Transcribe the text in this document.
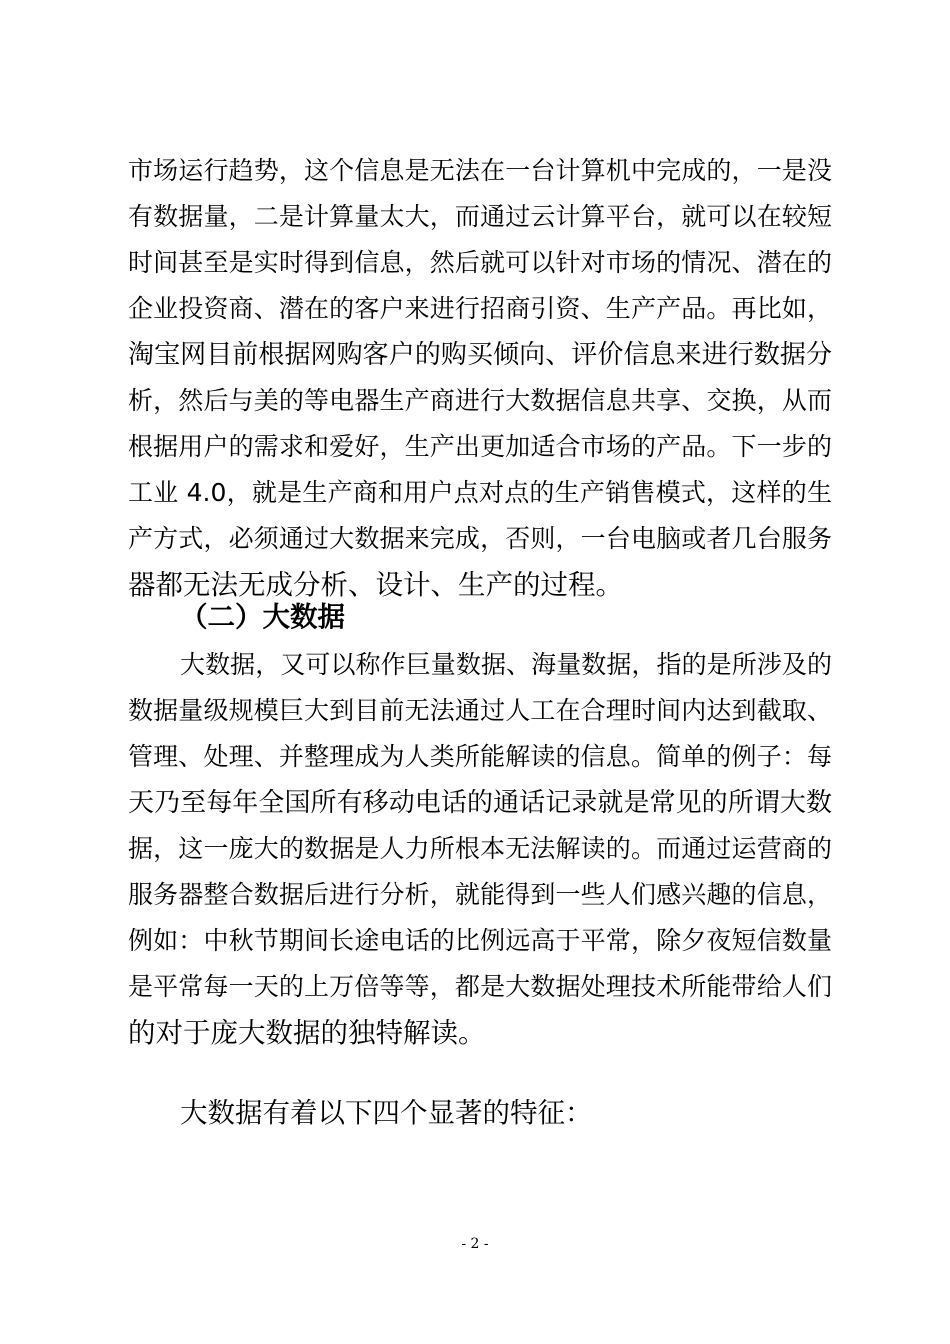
市场运行趋势，这个信息是无法在一台计算机中完成的，一是没
有数据量，二是计算量太大，而通过云计算平台，就可以在较短
时间甚至是实时得到信息，然后就可以针对市场的情况、潜在的
企业投资商、潜在的客户来进行招商引资、生产产品。再比如，
淘宝网目前根据网购客户的购买倾向、评价信息来进行数据分
析，然后与美的等电器生产商进行大数据信息共享、交换，从而
根据用户的需求和爱好，生产出更加适合市场的产品。下一步的
工业 4.0，就是生产商和用户点对点的生产销售模式，这样的生
产方式，必须通过大数据来完成，否则，一台电脑或者几台服务
器都无法无成分析、设计、生产的过程。
（二）大数据
大数据，又可以称作巨量数据、海量数据，指的是所涉及的
数据量级规模巨大到目前无法通过人工在合理时间内达到截取、
管理、处理、并整理成为人类所能解读的信息。简单的例子：每
天乃至每年全国所有移动电话的通话记录就是常见的所谓大数
据，这一庞大的数据是人力所根本无法解读的。而通过运营商的
服务器整合数据后进行分析，就能得到一些人们感兴趣的信息，
例如：中秋节期间长途电话的比例远高于平常，除夕夜短信数量
是平常每一天的上万倍等等，都是大数据处理技术所能带给人们
的对于庞大数据的独特解读。
大数据有着以下四个显著的特征：
- 2 -
